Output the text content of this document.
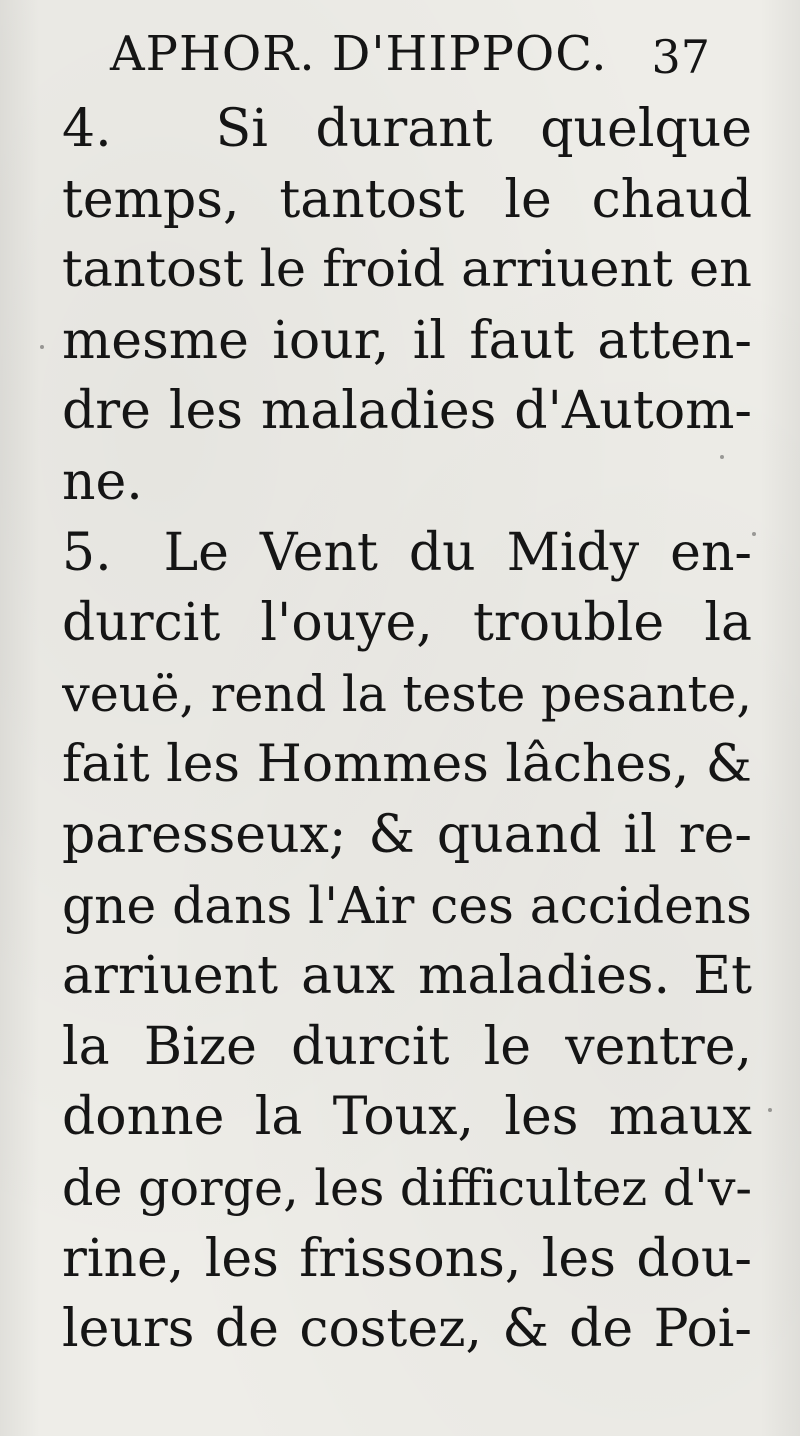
APHOR. D'HIPPOC. 37
4.  Si durant quelque
temps, tantost le chaud
tantost le froid arriuent en
mesme iour, il faut atten-
dre les maladies d'Autom-
ne.
5. Le Vent du Midy en-
durcit l'ouye, trouble la
veuë, rend la teste pesante,
fait les Hommes lâches, &
paresseux; & quand il re-
gne dans l'Air ces accidens
arriuent aux maladies. Et
la Bize durcit le ventre,
donne la Toux, les maux
de gorge, les difficultez d'v-
rine, les frissons, les dou-
leurs de costez, & de Poi-
